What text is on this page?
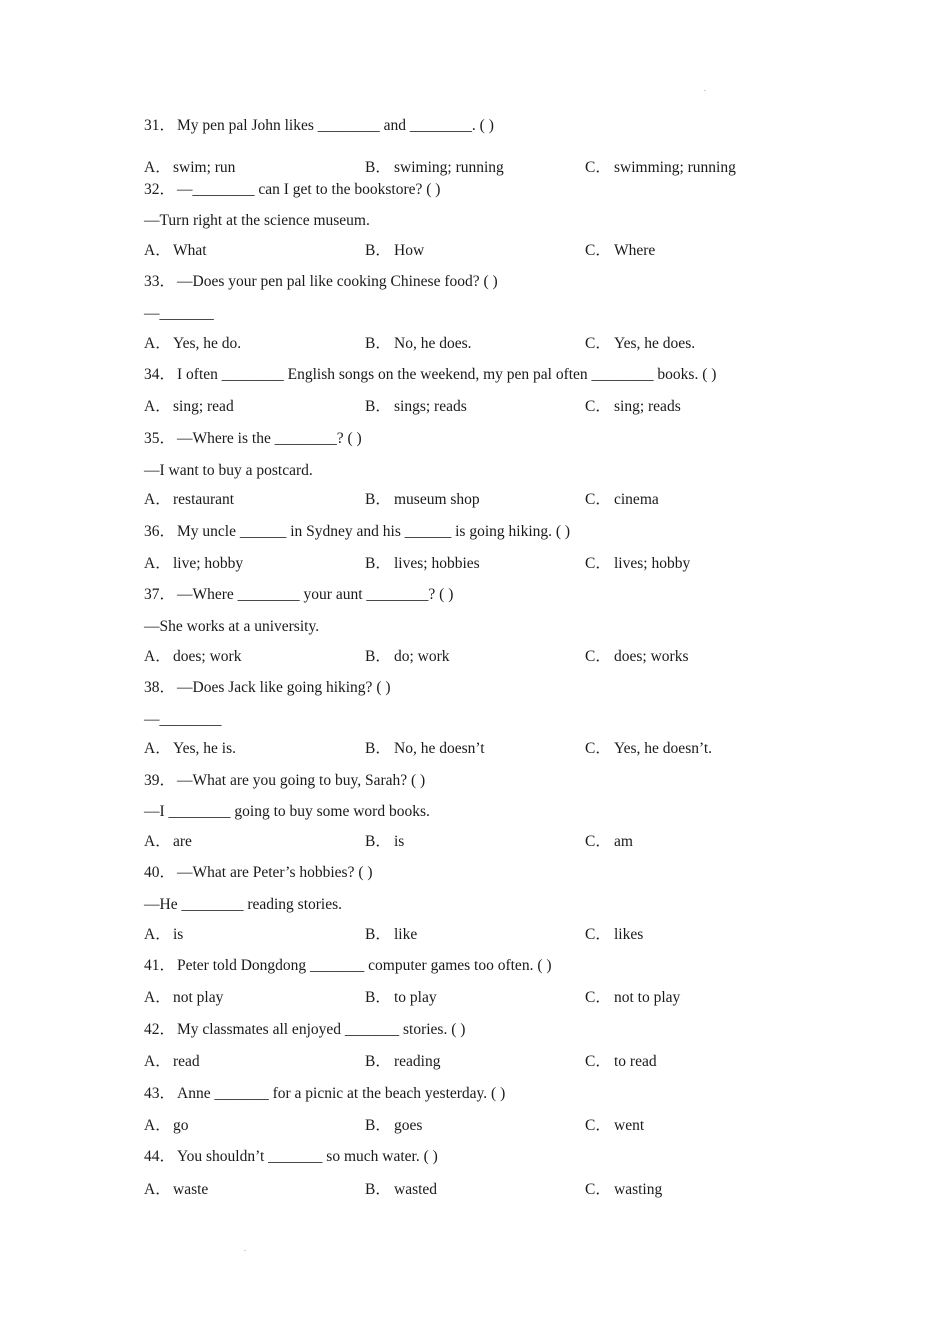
.
.
31． My pen pal John likes ________ and ________. ( )
A． swim; run	B． swiming; running	C． swimming; running
32． —________ can I get to the bookstore? ( )
—Turn right at the science museum.
A． What	B． How	C． Where
33． —Does your pen pal like cooking Chinese food? ( )
—_______
A． Yes, he do.	B． No, he does.	C． Yes, he does.
34． I often ________ English songs on the weekend, my pen pal often ________ books. ( )
A． sing; read	B． sings; reads	C． sing; reads
35． —Where is the ________? ( )
—I want to buy a postcard.
A． restaurant	B． museum shop	C． cinema
36． My uncle ______ in Sydney and his ______ is going hiking. ( )
A． live; hobby	B． lives; hobbies	C． lives; hobby
37． —Where ________ your aunt ________? ( )
—She works at a university.
A． does; work	B． do; work	C． does; works
38． —Does Jack like going hiking? ( )
—________
A． Yes, he is.	B． No, he doesn’t	C． Yes, he doesn’t.
39． —What are you going to buy, Sarah? ( )
—I ________ going to buy some word books.
A． are	B． is	C． am
40． —What are Peter’s hobbies? ( )
—He ________ reading stories.
A． is	B． like	C． likes
41． Peter told Dongdong _______ computer games too often. ( )
A． not play	B． to play	C． not to play
42． My classmates all enjoyed _______ stories. ( )
A． read	B． reading	C． to read
43． Anne _______ for a picnic at the beach yesterday. ( )
A． go	B． goes	C． went
44． You shouldn’t _______ so much water. ( )
A． waste	B． wasted	C． wasting
